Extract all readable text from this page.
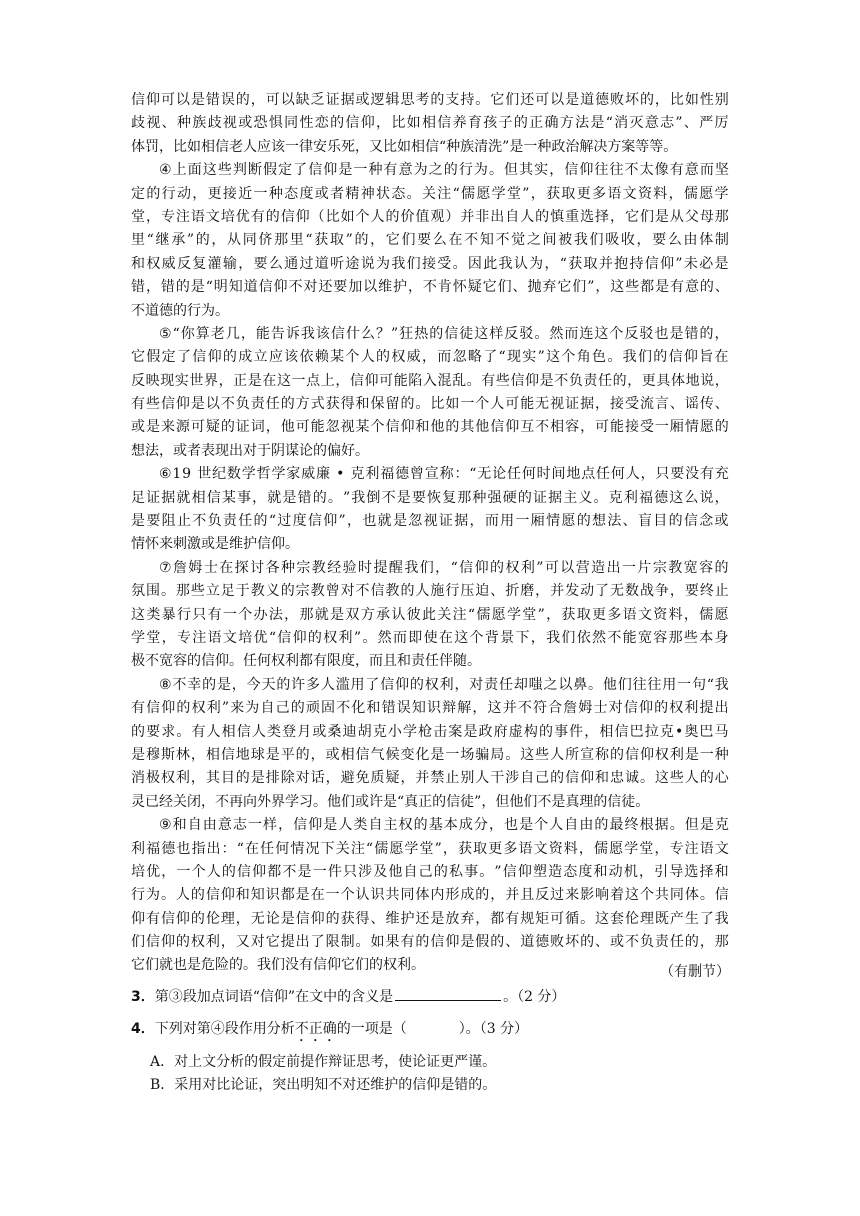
信 仰 可 以 是 错 误 的 ， 可 以 缺 乏 证 据 或 逻 辑 思 考 的 支 持 。 它 们 还 可 以 是 道 德 败 坏 的 ， 比 如 性 别
歧 视 、 种 族 歧 视 或 恐 惧 同 性 恋 的 信 仰 ， 比 如 相 信 养 育 孩 子 的 正 确 方 法 是 “ 消 灭 意 志 ” 、 严 厉
体罚，比如相信老人应该一律安乐死，又比如相信“种族清洗”是一种政治解决方案等等。
④ 上 面 这 些 判 断 假 定 了 信 仰 是 一 种 有 意 为 之 的 行 为 。 但 其 实 ， 信 仰 往 往 不 太 像 有 意 而 坚
定 的 行 动 ， 更 接 近 一 种 态 度 或 者 精 神 状 态 。 关 注 “ 儒 愿 学 堂 ” ， 获 取 更 多 语 文 资 料 ， 儒 愿 学
堂 ， 专 注 语 文 培 优 有 的 信 仰 （ 比 如 个 人 的 价 值 观 ） 并 非 出 自 人 的 慎 重 选 择 ， 它 们 是 从 父 母 那
里 “ 继 承 ” 的 ， 从 同 侪 那 里 “ 获 取 ” 的 ， 它 们 要 么 在 不 知 不 觉 之 间 被 我 们 吸 收 ， 要 么 由 体 制
和 权 威 反 复 灌 输 ， 要 么 通 过 道 听 途 说 为 我 们 接 受 。 因 此 我 认 为 ， “ 获 取 并 抱 持 信 仰 ” 未 必 是
错 ， 错 的 是 “ 明 知 道 信 仰 不 对 还 要 加 以 维 护 ， 不 肯 怀 疑 它 们 、 抛 弃 它 们 ” ， 这 些 都 是 有 意 的 、
不道德的行为。
⑤ “ 你 算 老 几 ， 能 告 诉 我 该 信 什 么 ？ ” 狂 热 的 信 徒 这 样 反 驳 。 然 而 连 这 个 反 驳 也 是 错 的 ，
它 假 定 了 信 仰 的 成 立 应 该 依 赖 某 个 人 的 权 威 ， 而 忽 略 了 “ 现 实 ” 这 个 角 色 。 我 们 的 信 仰 旨 在
反 映 现 实 世 界 ， 正 是 在 这 一 点 上 ， 信 仰 可 能 陷 入 混 乱 。 有 些 信 仰 是 不 负 责 任 的 ， 更 具 体 地 说 ，
有 些 信 仰 是 以 不 负 责 任 的 方 式 获 得 和 保 留 的 。 比 如 一 个 人 可 能 无 视 证 据 ， 接 受 流 言 、 谣 传 、
或 是 来 源 可 疑 的 证 词 ， 他 可 能 忽 视 某 个 信 仰 和 他 的 其 他 信 仰 互 不 相 容 ， 可 能 接 受 一 厢 情 愿 的
想法，或者表现出对于阴谋论的偏好。
⑥ 1 9
世 纪 数 学 哲 学 家 威 廉
•
克 利 福 德 曾 宣 称 ： “ 无 论 任 何 时 间 地 点 任 何 人 ， 只 要 没 有 充
足 证 据 就 相 信 某 事 ， 就 是 错 的 。 ” 我 倒 不 是 要 恢 复 那 种 强 硬 的 证 据 主 义 。 克 利 福 德 这 么 说 ，
是 要 阻 止 不 负 责 任 的 “ 过 度 信 仰 ” ， 也 就 是 忽 视 证 据 ， 而 用 一 厢 情 愿 的 想 法 、 盲 目 的 信 念 或
情怀来刺激或是维护信仰。
⑦ 詹 姆 士 在 探 讨 各 种 宗 教 经 验 时 提 醒 我 们 ， “ 信 仰 的 权 利 ” 可 以 营 造 出 一 片 宗 教 宽 容 的
氛 围 。 那 些 立 足 于 教 义 的 宗 教 曾 对 不 信 教 的 人 施 行 压 迫 、 折 磨 ， 并 发 动 了 无 数 战 争 ， 要 终 止
这 类 暴 行 只 有 一 个 办 法 ， 那 就 是 双 方 承 认 彼 此 关 注 “ 儒 愿 学 堂 ” ， 获 取 更 多 语 文 资 料 ， 儒 愿
学 堂 ， 专 注 语 文 培 优 “ 信 仰 的 权 利 ” 。 然 而 即 使 在 这 个 背 景 下 ， 我 们 依 然 不 能 宽 容 那 些 本 身
极不宽容的信仰。任何权利都有限度，而且和责任伴随。
⑧ 不 幸 的 是 ， 今 天 的 许 多 人 滥 用 了 信 仰 的 权 利 ， 对 责 任 却 嗤 之 以 鼻 。 他 们 往 往 用 一 句 “ 我
有 信 仰 的 权 利 ” 来 为 自 己 的 顽 固 不 化 和 错 误 知 识 辩 解 ， 这 并 不 符 合 詹 姆 士 对 信 仰 的 权 利 提 出
的 要 求 。 有 人 相 信 人 类 登 月 或 桑 迪 胡 克 小 学 枪 击 案 是 政 府 虚 构 的 事 件 ， 相 信 巴 拉 克 • 奥 巴 马
是 穆 斯 林 ， 相 信 地 球 是 平 的 ， 或 相 信 气 候 变 化 是 一 场 骗 局 。 这 些 人 所 宣 称 的 信 仰 权 利 是 一 种
消 极 权 利 ， 其 目 的 是 排 除 对 话 ， 避 免 质 疑 ， 并 禁 止 别 人 干 涉 自 己 的 信 仰 和 忠 诚 。 这 些 人 的 心
灵已经关闭，不再向外界学习。他们或许是“真正的信徒”，但他们不是真理的信徒。
⑨ 和 自 由 意 志 一 样 ， 信 仰 是 人 类 自 主 权 的 基 本 成 分 ， 也 是 个 人 自 由 的 最 终 根 据 。 但 是 克
利 福 德 也 指 出 ： “ 在 任 何 情 况 下 关 注 “ 儒 愿 学 堂 ” ， 获 取 更 多 语 文 资 料 ， 儒 愿 学 堂 ， 专 注 语 文
培 优 ， 一 个 人 的 信 仰 都 不 是 一 件 只 涉 及 他 自 己 的 私 事 。 ” 信 仰 塑 造 态 度 和 动 机 ， 引 导 选 择 和
行 为 。 人 的 信 仰 和 知 识 都 是 在 一 个 认 识 共 同 体 内 形 成 的 ， 并 且 反 过 来 影 响 着 这 个 共 同 体 。 信
仰 有 信 仰 的 伦 理 ， 无 论 是 信 仰 的 获 得 、 维 护 还 是 放 弃 ， 都 有 规 矩 可 循 。 这 套 伦 理 既 产 生 了 我
们 信 仰 的 权 利 ， 又 对 它 提 出 了 限 制 。 如 果 有 的 信 仰 是 假 的 、 道 德 败 坏 的 、 或 不 负 责 任 的 ， 那
它们就也是危险的。我们没有信仰它们的权利。	（有删节）
3．第③段加点词语“信仰”在文中的含义是	。（2 分）
4．下列对第④段作用分析不正确的一项是（	）。（3 分）
A．对上文分析的假定前提作辩证思考，使论证更严谨。
B．采用对比论证，突出明知不对还维护的信仰是错的。
